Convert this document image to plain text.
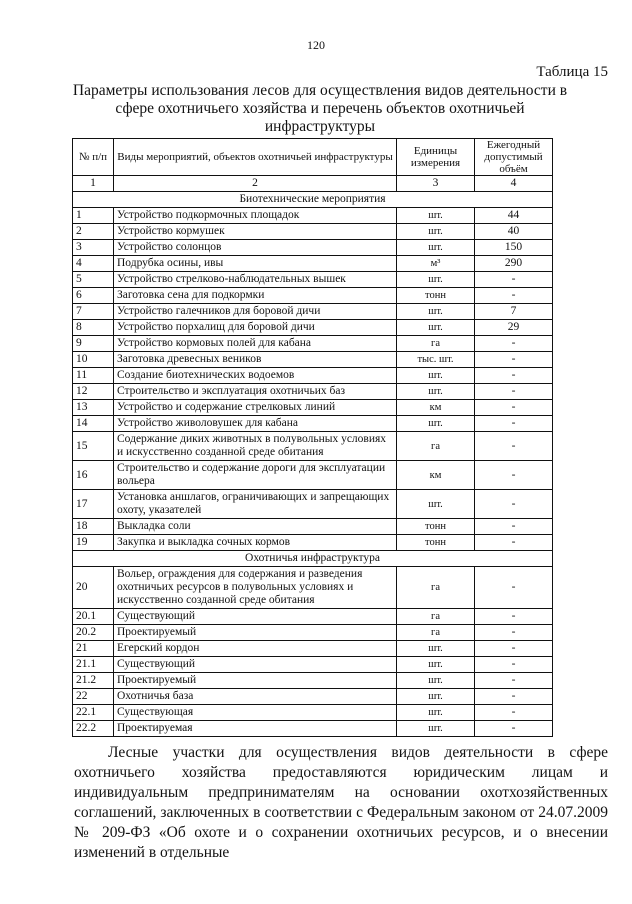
120
Таблица 15
Параметры использования лесов для осуществления видов деятельности в сфере охотничьего хозяйства и перечень объектов охотничьей инфраструктуры
№ п/п	Виды мероприятий, объектов охотничьей инфраструктуры	Единицы измерения	Ежегодный допустимый объём
1	2	3	4
Биотехнические мероприятия			
1	Устройство подкормочных площадок	шт.	44
2	Устройство кормушек	шт.	40
3	Устройство солонцов	шт.	150
4	Подрубка осины, ивы	м³	290
5	Устройство стрелково-наблюдательных вышек	шт.	-
6	Заготовка сена для подкормки	тонн	-
7	Устройство галечников для боровой дичи	шт.	7
8	Устройство порхалищ для боровой дичи	шт.	29
9	Устройство кормовых полей для кабана	га	-
10	Заготовка древесных веников	тыс. шт.	-
11	Создание биотехнических водоемов	шт.	-
12	Строительство и эксплуатация охотничьих баз	шт.	-
13	Устройство и содержание стрелковых линий	км	-
14	Устройство живоловушек для кабана	шт.	-
15	Содержание диких животных в полувольных условиях и искусственно созданной среде обитания	га	-
16	Строительство и содержание дороги для эксплуатации вольера	км	-
17	Установка аншлагов, ограничивающих и запрещающих охоту, указателей	шт.	-
18	Выкладка соли	тонн	-
19	Закупка и выкладка сочных кормов	тонн	-
Охотничья инфраструктура			
20	Вольер, ограждения для содержания и разведения охотничьих ресурсов в полувольных условиях и искусственно созданной среде обитания	га	-
20.1	Существующий	га	-
20.2	Проектируемый	га	-
21	Егерский кордон	шт.	-
21.1	Существующий	шт.	-
21.2	Проектируемый	шт.	-
22	Охотничья база	шт.	-
22.1	Существующая	шт.	-
22.2	Проектируемая	шт.	-
Лесные участки для осуществления видов деятельности в сфере охотничьего хозяйства предоставляются юридическим лицам и индивидуальным предпринимателям на основании охотхозяйственных соглашений, заключенных в соответствии с Федеральным законом от 24.07.2009 № 209-ФЗ «Об охоте и о сохранении охотничьих ресурсов, и о внесении изменений в отдельные
